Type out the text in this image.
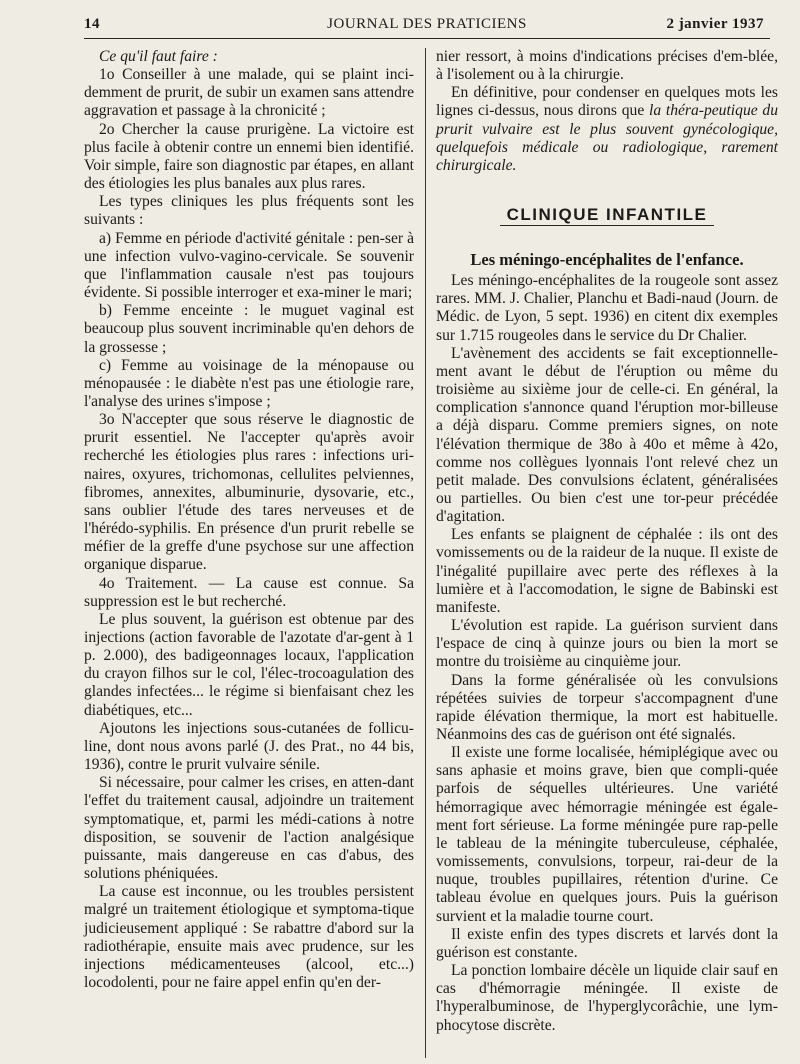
14	JOURNAL DES PRATICIENS	2 janvier 1937

Ce qu'il faut faire :

1o Conseiller à une malade, qui se plaint inci-demment de prurit, de subir un examen sans attendre aggravation et passage à la chronicité ;

2o Chercher la cause prurigène. La victoire est plus facile à obtenir contre un ennemi bien identifié. Voir simple, faire son diagnostic par étapes, en allant des étiologies les plus banales aux plus rares.

Les types cliniques les plus fréquents sont les suivants :

a) Femme en période d'activité génitale : pen-ser à une infection vulvo-vagino-cervicale. Se souvenir que l'inflammation causale n'est pas toujours évidente. Si possible interroger et exa-miner le mari;

b) Femme enceinte : le muguet vaginal est beaucoup plus souvent incriminable qu'en dehors de la grossesse ;

c) Femme au voisinage de la ménopause ou ménopausée : le diabète n'est pas une étiologie rare, l'analyse des urines s'impose ;

3o N'accepter que sous réserve le diagnostic de prurit essentiel. Ne l'accepter qu'après avoir recherché les étiologies plus rares : infections uri-naires, oxyures, trichomonas, cellulites pelviennes, fibromes, annexites, albuminurie, dysovarie, etc., sans oublier l'étude des tares nerveuses et de l'hérédo-syphilis. En présence d'un prurit rebelle se méfier de la greffe d'une psychose sur une affection organique disparue.

4o Traitement. — La cause est connue. Sa suppression est le but recherché.

Le plus souvent, la guérison est obtenue par des injections (action favorable de l'azotate d'ar-gent à 1 p. 2.000), des badigeonnages locaux, l'application du crayon filhos sur le col, l'élec-trocoagulation des glandes infectées... le régime si bienfaisant chez les diabétiques, etc...

Ajoutons les injections sous-cutanées de follicu-line, dont nous avons parlé (J. des Prat., no 44 bis, 1936), contre le prurit vulvaire sénile.

Si nécessaire, pour calmer les crises, en atten-dant l'effet du traitement causal, adjoindre un traitement symptomatique, et, parmi les médi-cations à notre disposition, se souvenir de l'action analgésique puissante, mais dangereuse en cas d'abus, des solutions phéniquées.

La cause est inconnue, ou les troubles persistent malgré un traitement étiologique et symptoma-tique judicieusement appliqué : Se rabattre d'abord sur la radiothérapie, ensuite mais avec prudence, sur les injections médicamenteuses (alcool, etc...) locodolenti, pour ne faire appel enfin qu'en der-

nier ressort, à moins d'indications précises d'em-blée, à l'isolement ou à la chirurgie.

En définitive, pour condenser en quelques mots les lignes ci-dessus, nous dirons que la théra-peutique du prurit vulvaire est le plus souvent gynécologique, quelquefois médicale ou radiologique, rarement chirurgicale.

CLINIQUE INFANTILE

Les méningo-encéphalites de l'enfance.

Les méningo-encéphalites de la rougeole sont assez rares. MM. J. Chalier, Planchu et Badi-naud (Journ. de Médic. de Lyon, 5 sept. 1936) en citent dix exemples sur 1.715 rougeoles dans le service du Dr Chalier.

L'avènement des accidents se fait exceptionnelle-ment avant le début de l'éruption ou même du troisième au sixième jour de celle-ci. En général, la complication s'annonce quand l'éruption mor-billeuse a déjà disparu. Comme premiers signes, on note l'élévation thermique de 38o à 40o et même à 42o, comme nos collègues lyonnais l'ont relevé chez un petit malade. Des convulsions éclatent, généralisées ou partielles. Ou bien c'est une tor-peur précédée d'agitation.

Les enfants se plaignent de céphalée : ils ont des vomissements ou de la raideur de la nuque. Il existe de l'inégalité pupillaire avec perte des réflexes à la lumière et à l'accomodation, le signe de Babinski est manifeste.

L'évolution est rapide. La guérison survient dans l'espace de cinq à quinze jours ou bien la mort se montre du troisième au cinquième jour.

Dans la forme généralisée où les convulsions répétées suivies de torpeur s'accompagnent d'une rapide élévation thermique, la mort est habituelle. Néanmoins des cas de guérison ont été signalés.

Il existe une forme localisée, hémiplégique avec ou sans aphasie et moins grave, bien que compli-quée parfois de séquelles ultérieures. Une variété hémorragique avec hémorragie méningée est égale-ment fort sérieuse. La forme méningée pure rap-pelle le tableau de la méningite tuberculeuse, céphalée, vomissements, convulsions, torpeur, rai-deur de la nuque, troubles pupillaires, rétention d'urine. Ce tableau évolue en quelques jours. Puis la guérison survient et la maladie tourne court.

Il existe enfin des types discrets et larvés dont la guérison est constante.

La ponction lombaire décèle un liquide clair sauf en cas d'hémorragie méningée. Il existe de l'hyperalbuminose, de l'hyperglycorâchie, une lym-phocytose discrète.
